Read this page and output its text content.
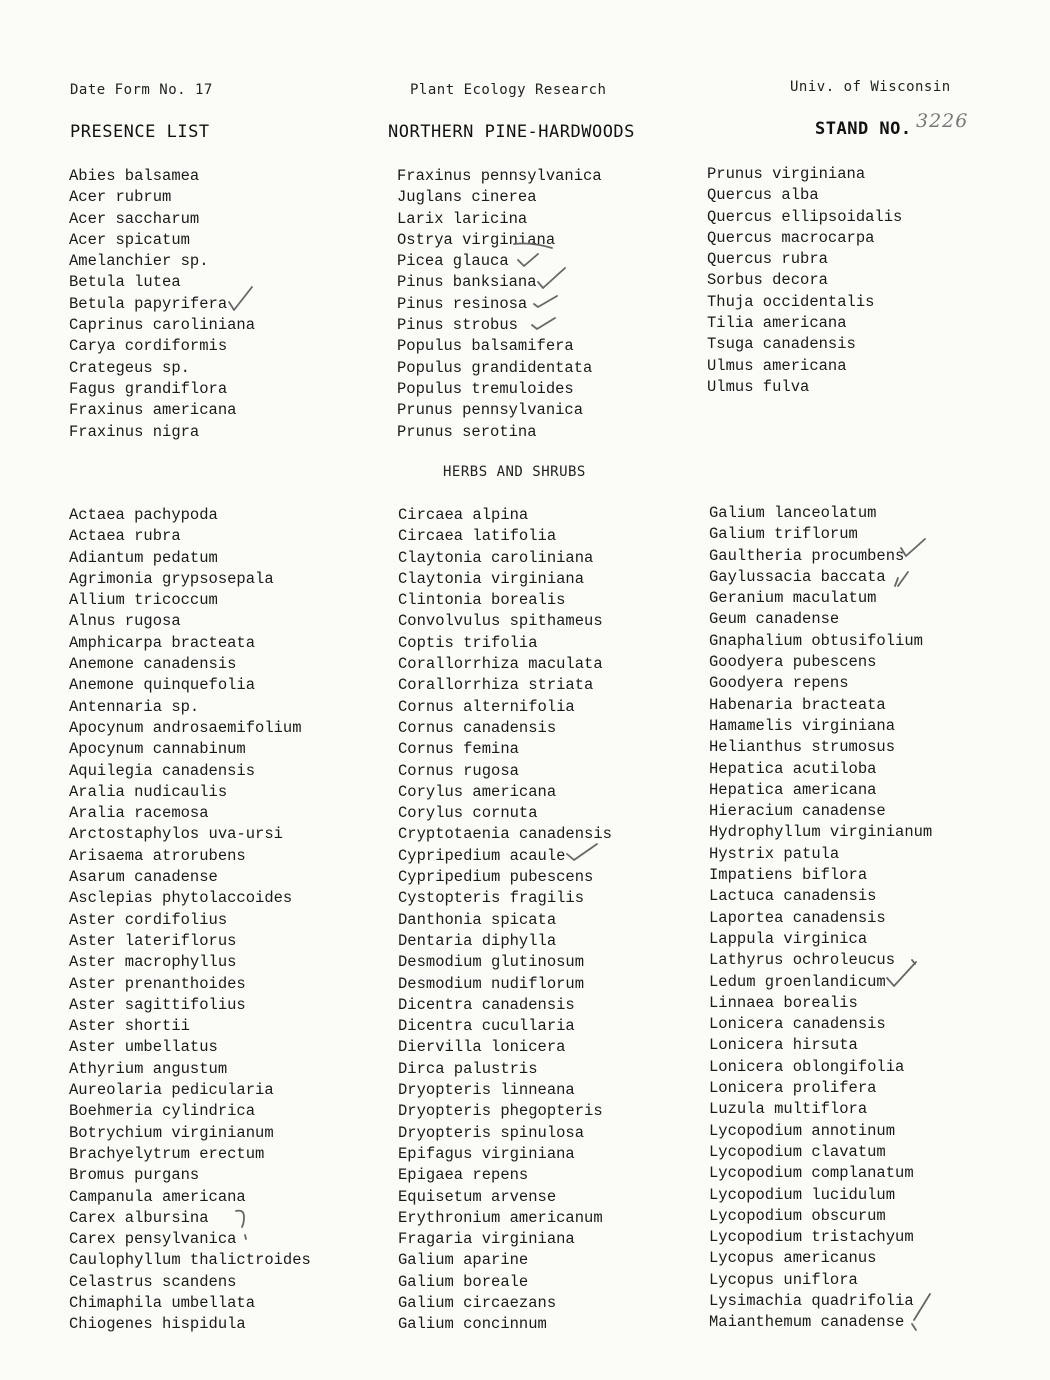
Date Form No. 17	Plant Ecology Research	Univ. of Wisconsin
PRESENCE LIST	NORTHERN PINE-HARDWOODS	STAND NO. 3226
Abies balsamea
Acer rubrum
Acer saccharum
Acer spicatum
Amelanchier sp.
Betula lutea
Betula papyrifera
Caprinus caroliniana
Carya cordiformis
Crategeus sp.
Fagus grandiflora
Fraxinus americana
Fraxinus nigra
Fraxinus pennsylvanica
Juglans cinerea
Larix laricina
Ostrya virginiana
Picea glauca
Pinus banksiana
Pinus resinosa
Pinus strobus
Populus balsamifera
Populus grandidentata
Populus tremuloides
Prunus pennsylvanica
Prunus serotina
Prunus virginiana
Quercus alba
Quercus ellipsoidalis
Quercus macrocarpa
Quercus rubra
Sorbus decora
Thuja occidentalis
Tilia americana
Tsuga canadensis
Ulmus americana
Ulmus fulva
HERBS AND SHRUBS
Actaea pachypoda
Actaea rubra
Adiantum pedatum
Agrimonia grypsosepala
Allium tricoccum
Alnus rugosa
Amphicarpa bracteata
Anemone canadensis
Anemone quinquefolia
Antennaria sp.
Apocynum androsaemifolium
Apocynum cannabinum
Aquilegia canadensis
Aralia nudicaulis
Aralia racemosa
Arctostaphylos uva-ursi
Arisaema atrorubens
Asarum canadense
Asclepias phytolaccoides
Aster cordifolius
Aster lateriflorus
Aster macrophyllus
Aster prenanthoides
Aster sagittifolius
Aster shortii
Aster umbellatus
Athyrium angustum
Aureolaria pedicularia
Boehmeria cylindrica
Botrychium virginianum
Brachyelytrum erectum
Bromus purgans
Campanula americana
Carex albursina
Carex pensylvanica
Caulophyllum thalictroides
Celastrus scandens
Chimaphila umbellata
Chiogenes hispidula
Circaea alpina
Circaea latifolia
Claytonia caroliniana
Claytonia virginiana
Clintonia borealis
Convolvulus spithameus
Coptis trifolia
Corallorrhiza maculata
Corallorrhiza striata
Cornus alternifolia
Cornus canadensis
Cornus femina
Cornus rugosa
Corylus americana
Corylus cornuta
Cryptotaenia canadensis
Cypripedium acaule
Cypripedium pubescens
Cystopteris fragilis
Danthonia spicata
Dentaria diphylla
Desmodium glutinosum
Desmodium nudiflorum
Dicentra canadensis
Dicentra cucullaria
Diervilla lonicera
Dirca palustris
Dryopteris linneana
Dryopteris phegopteris
Dryopteris spinulosa
Epifagus virginiana
Epigaea repens
Equisetum arvense
Erythronium americanum
Fragaria virginiana
Galium aparine
Galium boreale
Galium circaezans
Galium concinnum
Galium lanceolatum
Galium triflorum
Gaultheria procumbens
Gaylussacia baccata
Geranium maculatum
Geum canadense
Gnaphalium obtusifolium
Goodyera pubescens
Goodyera repens
Habenaria bracteata
Hamamelis virginiana
Helianthus strumosus
Hepatica acutiloba
Hepatica americana
Hieracium canadense
Hydrophyllum virginianum
Hystrix patula
Impatiens biflora
Lactuca canadensis
Laportea canadensis
Lappula virginica
Lathyrus ochroleucus
Ledum groenlandicum
Linnaea borealis
Lonicera canadensis
Lonicera hirsuta
Lonicera oblongifolia
Lonicera prolifera
Luzula multiflora
Lycopodium annotinum
Lycopodium clavatum
Lycopodium complanatum
Lycopodium lucidulum
Lycopodium obscurum
Lycopodium tristachyum
Lycopus americanus
Lycopus uniflora
Lysimachia quadrifolia
Maianthemum canadense
